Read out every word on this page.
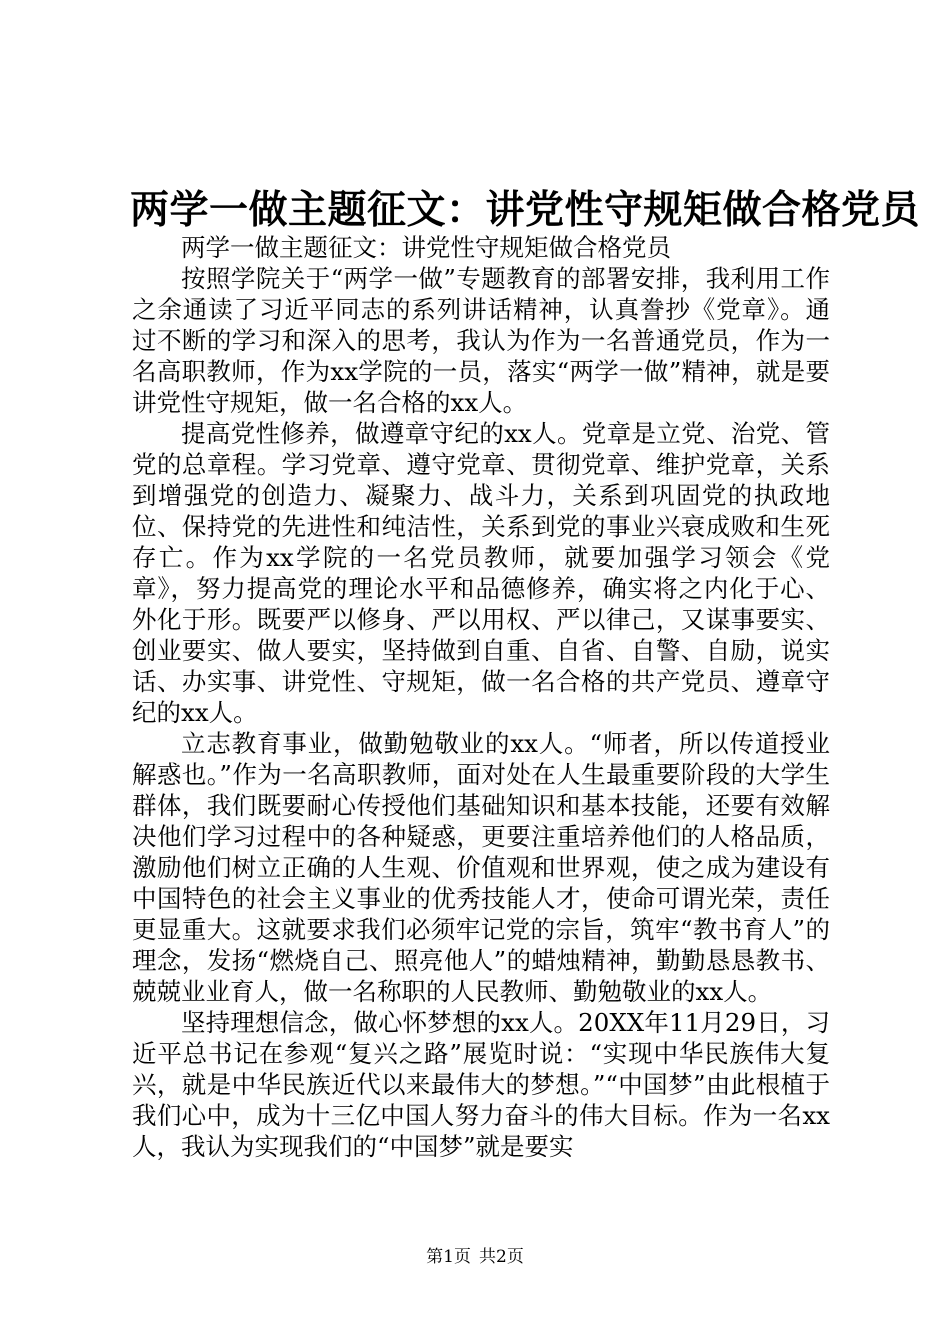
两学一做主题征文：讲党性守规矩做合格党员

两学一做主题征文：讲党性守规矩做合格党员

按照学院关于“两学一做”专题教育的部署安排，我利用工作之余通读了习近平同志的系列讲话精神，认真誊抄《党章》。通过不断的学习和深入的思考，我认为作为一名普通党员，作为一名高职教师，作为xx学院的一员，落实“两学一做”精神，就是要讲党性守规矩，做一名合格的xx人。

提高党性修养，做遵章守纪的xx人。党章是立党、治党、管党的总章程。学习党章、遵守党章、贯彻党章、维护党章，关系到增强党的创造力、凝聚力、战斗力，关系到巩固党的执政地位、保持党的先进性和纯洁性，关系到党的事业兴衰成败和生死存亡。作为xx学院的一名党员教师，就要加强学习领会《党章》，努力提高党的理论水平和品德修养，确实将之内化于心、外化于形。既要严以修身、严以用权、严以律己，又谋事要实、创业要实、做人要实，坚持做到自重、自省、自警、自励，说实话、办实事、讲党性、守规矩，做一名合格的共产党员、遵章守纪的xx人。

立志教育事业，做勤勉敬业的xx人。“师者，所以传道授业解惑也。”作为一名高职教师，面对处在人生最重要阶段的大学生群体，我们既要耐心传授他们基础知识和基本技能，还要有效解决他们学习过程中的各种疑惑，更要注重培养他们的人格品质，激励他们树立正确的人生观、价值观和世界观，使之成为建设有中国特色的社会主义事业的优秀技能人才，使命可谓光荣，责任更显重大。这就要求我们必须牢记党的宗旨，筑牢“教书育人”的理念，发扬“燃烧自己、照亮他人”的蜡烛精神，勤勤恳恳教书、兢兢业业育人，做一名称职的人民教师、勤勉敬业的xx人。

坚持理想信念，做心怀梦想的xx人。20XX年11月29日，习近平总书记在参观“复兴之路”展览时说：“实现中华民族伟大复兴，就是中华民族近代以来最伟大的梦想。”“中国梦”由此根植于我们心中，成为十三亿中国人努力奋斗的伟大目标。作为一名xx人，我认为实现我们的“中国梦”就是要实

第1页 共2页
